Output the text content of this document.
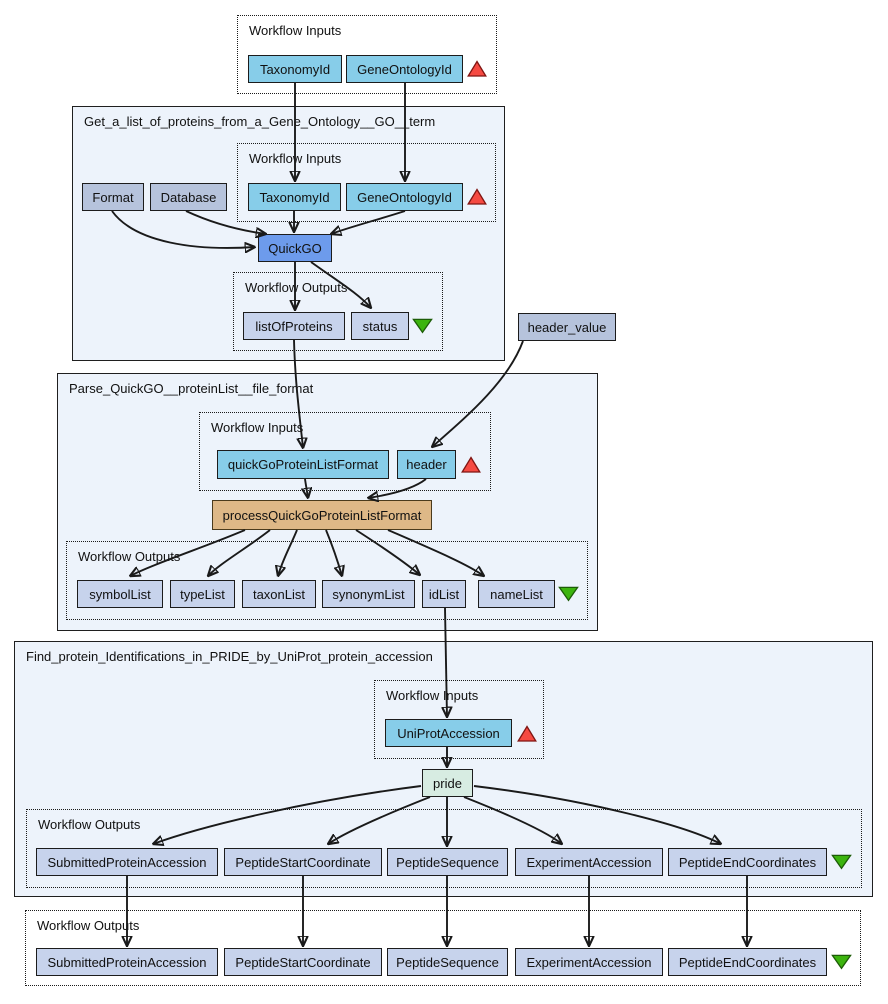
Get_a_list_of_proteins_from_a_Gene_Ontology__GO__term
Parse_QuickGO__proteinList__file_format
Find_protein_Identifications_in_PRIDE_by_UniProt_protein_accession
Workflow Inputs
Workflow Inputs
Workflow Outputs
Workflow Inputs
Workflow Outputs
Workflow Inputs
Workflow Outputs
Workflow Outputs
TaxonomyId	GeneOntologyId
Format	Database	TaxonomyId	GeneOntologyId
QuickGO
listOfProteins	status	header_value
quickGoProteinListFormat	header
processQuickGoProteinListFormat
symbolList	typeList	taxonList	synonymList	idList	nameList
UniProtAccession
pride
SubmittedProteinAccession	PeptideStartCoordinate	PeptideSequence	ExperimentAccession	PeptideEndCoordinates
SubmittedProteinAccession	PeptideStartCoordinate	PeptideSequence	ExperimentAccession	PeptideEndCoordinates
